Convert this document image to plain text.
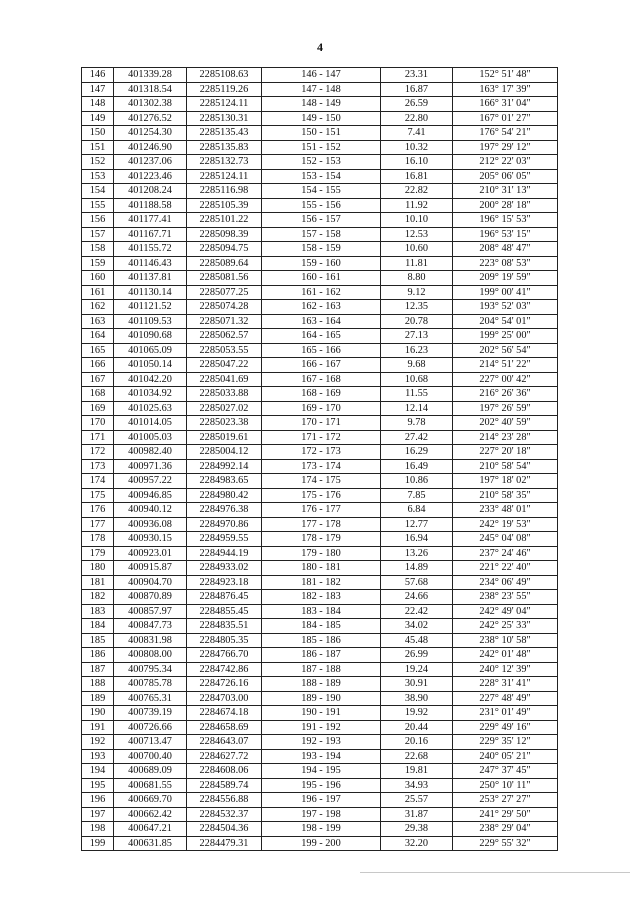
4
146	401339.28	2285108.63	146 - 147	23.31	152° 51' 48"
147	401318.54	2285119.26	147 - 148	16.87	163° 17' 39"
148	401302.38	2285124.11	148 - 149	26.59	166° 31' 04"
149	401276.52	2285130.31	149 - 150	22.80	167° 01' 27"
150	401254.30	2285135.43	150 - 151	7.41	176° 54' 21"
151	401246.90	2285135.83	151 - 152	10.32	197° 29' 12"
152	401237.06	2285132.73	152 - 153	16.10	212° 22' 03"
153	401223.46	2285124.11	153 - 154	16.81	205° 06' 05"
154	401208.24	2285116.98	154 - 155	22.82	210° 31' 13"
155	401188.58	2285105.39	155 - 156	11.92	200° 28' 18"
156	401177.41	2285101.22	156 - 157	10.10	196° 15' 53"
157	401167.71	2285098.39	157 - 158	12.53	196° 53' 15"
158	401155.72	2285094.75	158 - 159	10.60	208° 48' 47"
159	401146.43	2285089.64	159 - 160	11.81	223° 08' 53"
160	401137.81	2285081.56	160 - 161	8.80	209° 19' 59"
161	401130.14	2285077.25	161 - 162	9.12	199° 00' 41"
162	401121.52	2285074.28	162 - 163	12.35	193° 52' 03"
163	401109.53	2285071.32	163 - 164	20.78	204° 54' 01"
164	401090.68	2285062.57	164 - 165	27.13	199° 25' 00"
165	401065.09	2285053.55	165 - 166	16.23	202° 56' 54"
166	401050.14	2285047.22	166 - 167	9.68	214° 51' 22"
167	401042.20	2285041.69	167 - 168	10.68	227° 00' 42"
168	401034.92	2285033.88	168 - 169	11.55	216° 26' 36"
169	401025.63	2285027.02	169 - 170	12.14	197° 26' 59"
170	401014.05	2285023.38	170 - 171	9.78	202° 40' 59"
171	401005.03	2285019.61	171 - 172	27.42	214° 23' 28"
172	400982.40	2285004.12	172 - 173	16.29	227° 20' 18"
173	400971.36	2284992.14	173 - 174	16.49	210° 58' 54"
174	400957.22	2284983.65	174 - 175	10.86	197° 18' 02"
175	400946.85	2284980.42	175 - 176	7.85	210° 58' 35"
176	400940.12	2284976.38	176 - 177	6.84	233° 48' 01"
177	400936.08	2284970.86	177 - 178	12.77	242° 19' 53"
178	400930.15	2284959.55	178 - 179	16.94	245° 04' 08"
179	400923.01	2284944.19	179 - 180	13.26	237° 24' 46"
180	400915.87	2284933.02	180 - 181	14.89	221° 22' 40"
181	400904.70	2284923.18	181 - 182	57.68	234° 06' 49"
182	400870.89	2284876.45	182 - 183	24.66	238° 23' 55"
183	400857.97	2284855.45	183 - 184	22.42	242° 49' 04"
184	400847.73	2284835.51	184 - 185	34.02	242° 25' 33"
185	400831.98	2284805.35	185 - 186	45.48	238° 10' 58"
186	400808.00	2284766.70	186 - 187	26.99	242° 01' 48"
187	400795.34	2284742.86	187 - 188	19.24	240° 12' 39"
188	400785.78	2284726.16	188 - 189	30.91	228° 31' 41"
189	400765.31	2284703.00	189 - 190	38.90	227° 48' 49"
190	400739.19	2284674.18	190 - 191	19.92	231° 01' 49"
191	400726.66	2284658.69	191 - 192	20.44	229° 49' 16"
192	400713.47	2284643.07	192 - 193	20.16	229° 35' 12"
193	400700.40	2284627.72	193 - 194	22.68	240° 05' 21"
194	400689.09	2284608.06	194 - 195	19.81	247° 37' 45"
195	400681.55	2284589.74	195 - 196	34.93	250° 10' 11"
196	400669.70	2284556.88	196 - 197	25.57	253° 27' 27"
197	400662.42	2284532.37	197 - 198	31.87	241° 29' 50"
198	400647.21	2284504.36	198 - 199	29.38	238° 29' 04"
199	400631.85	2284479.31	199 - 200	32.20	229° 55' 32"
